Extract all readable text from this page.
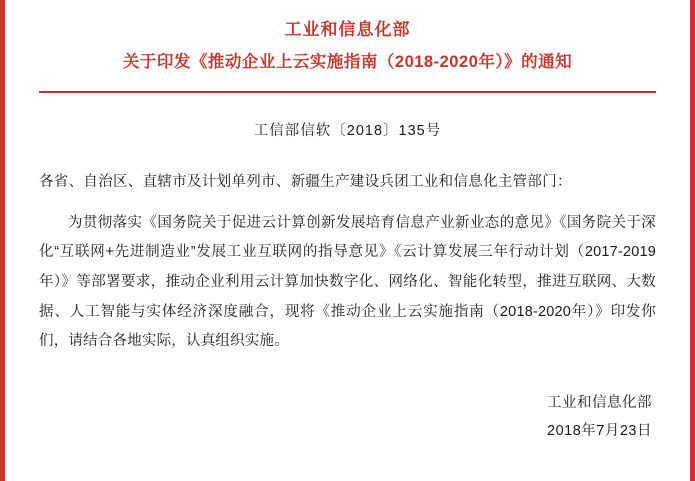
工业和信息化部
关于印发《推动企业上云实施指南（2018-2020年）》的通知
工信部信软〔2018〕135号
各省、自治区、直辖市及计划单列市、新疆生产建设兵团工业和信息化主管部门：
为贯彻落实《国务院关于促进云计算创新发展培育信息产业新业态的意见》《国务院关于深化“互联网+先进制造业”发展工业互联网的指导意见》《云计算发展三年行动计划（2017-2019年）》等部署要求，推动企业利用云计算加快数字化、网络化、智能化转型，推进互联网、大数据、人工智能与实体经济深度融合，现将《推动企业上云实施指南（2018-2020年）》印发你们，请结合各地实际，认真组织实施。
工业和信息化部
2018年7月23日
